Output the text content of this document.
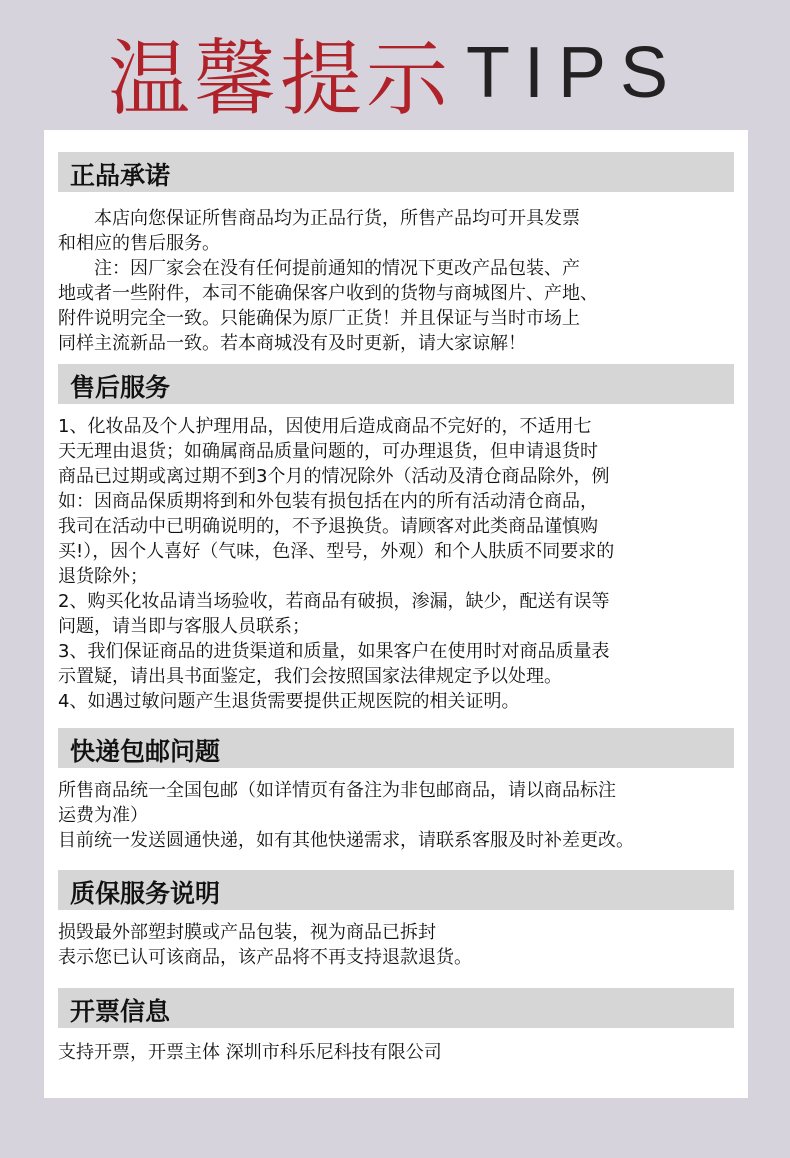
温馨提示 TIPS
正品承诺
　　本店向您保证所售商品均为正品行货，所售产品均可开具发票
和相应的售后服务。
　　注：因厂家会在没有任何提前通知的情况下更改产品包装、产
地或者一些附件，本司不能确保客户收到的货物与商城图片、产地、
附件说明完全一致。只能确保为原厂正货！并且保证与当时市场上
同样主流新品一致。若本商城没有及时更新，请大家谅解！
售后服务
1、化妆品及个人护理用品，因使用后造成商品不完好的，不适用七
天无理由退货；如确属商品质量问题的，可办理退货，但申请退货时
商品已过期或离过期不到3个月的情况除外（活动及清仓商品除外，例
如：因商品保质期将到和外包装有损包括在内的所有活动清仓商品，
我司在活动中已明确说明的，不予退换货。请顾客对此类商品谨慎购
买!），因个人喜好（气味，色泽、型号，外观）和个人肤质不同要求的
退货除外；
2、购买化妆品请当场验收，若商品有破损，渗漏，缺少，配送有误等
问题，请当即与客服人员联系；
3、我们保证商品的进货渠道和质量，如果客户在使用时对商品质量表
示置疑，请出具书面鉴定，我们会按照国家法律规定予以处理。
4、如遇过敏问题产生退货需要提供正规医院的相关证明。
快递包邮问题
所售商品统一全国包邮（如详情页有备注为非包邮商品，请以商品标注
运费为准）
目前统一发送圆通快递，如有其他快递需求，请联系客服及时补差更改。
质保服务说明
损毁最外部塑封膜或产品包装，视为商品已拆封
表示您已认可该商品，该产品将不再支持退款退货。
开票信息
支持开票，开票主体 深圳市科乐尼科技有限公司
